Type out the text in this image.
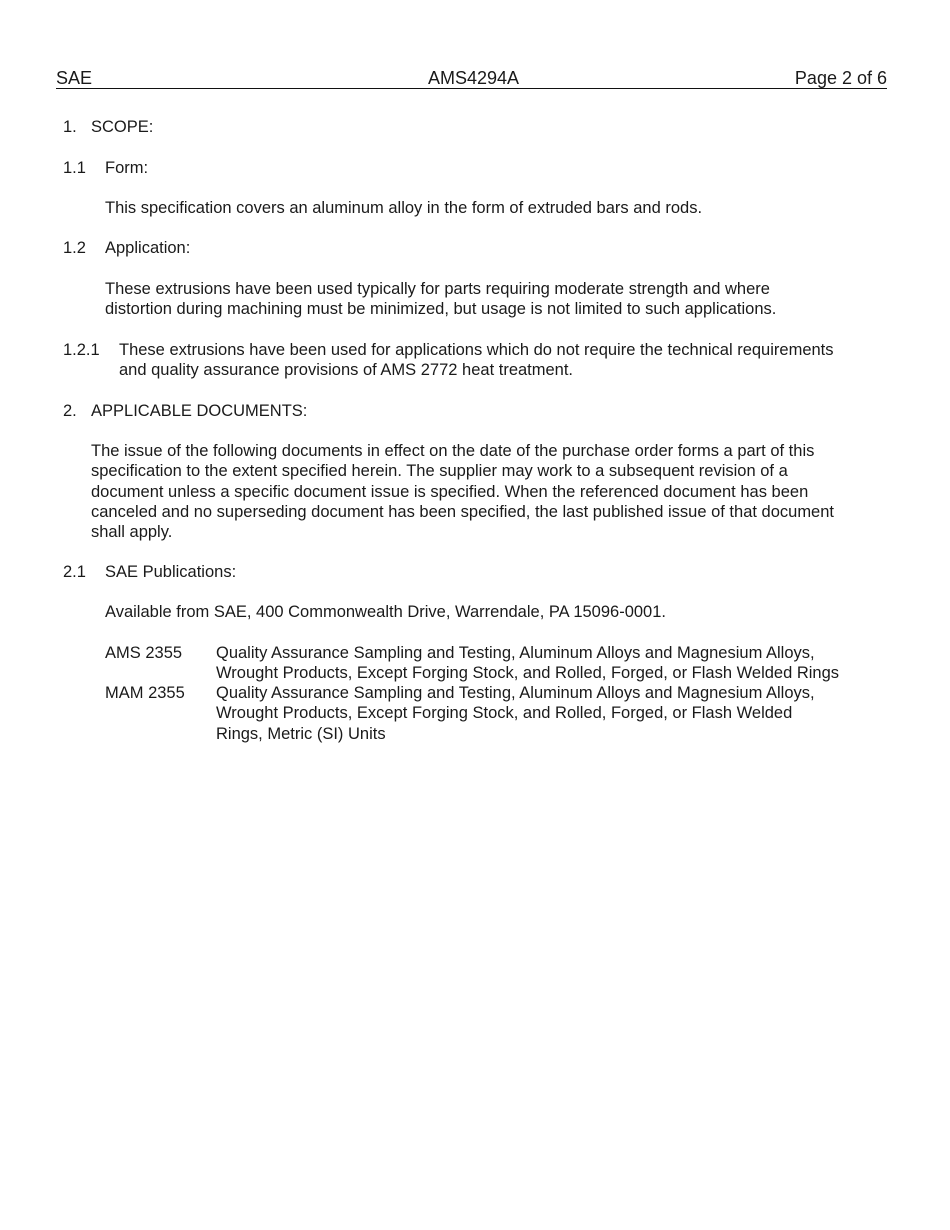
SAE	AMS4294A	Page 2 of 6
1. SCOPE:
1.1 Form:
This specification covers an aluminum alloy in the form of extruded bars and rods.
1.2 Application:
These extrusions have been used typically for parts requiring moderate strength and where
distortion during machining must be minimized, but usage is not limited to such applications.
1.2.1 These extrusions have been used for applications which do not require the technical requirements
and quality assurance provisions of AMS 2772 heat treatment.
2. APPLICABLE DOCUMENTS:
The issue of the following documents in effect on the date of the purchase order forms a part of this
specification to the extent specified herein. The supplier may work to a subsequent revision of a
document unless a specific document issue is specified. When the referenced document has been
canceled and no superseding document has been specified, the last published issue of that document
shall apply.
2.1 SAE Publications:
Available from SAE, 400 Commonwealth Drive, Warrendale, PA 15096-0001.
AMS 2355 Quality Assurance Sampling and Testing, Aluminum Alloys and Magnesium Alloys,
Wrought Products, Except Forging Stock, and Rolled, Forged, or Flash Welded Rings
MAM 2355 Quality Assurance Sampling and Testing, Aluminum Alloys and Magnesium Alloys,
Wrought Products, Except Forging Stock, and Rolled, Forged, or Flash Welded
Rings, Metric (SI) Units
